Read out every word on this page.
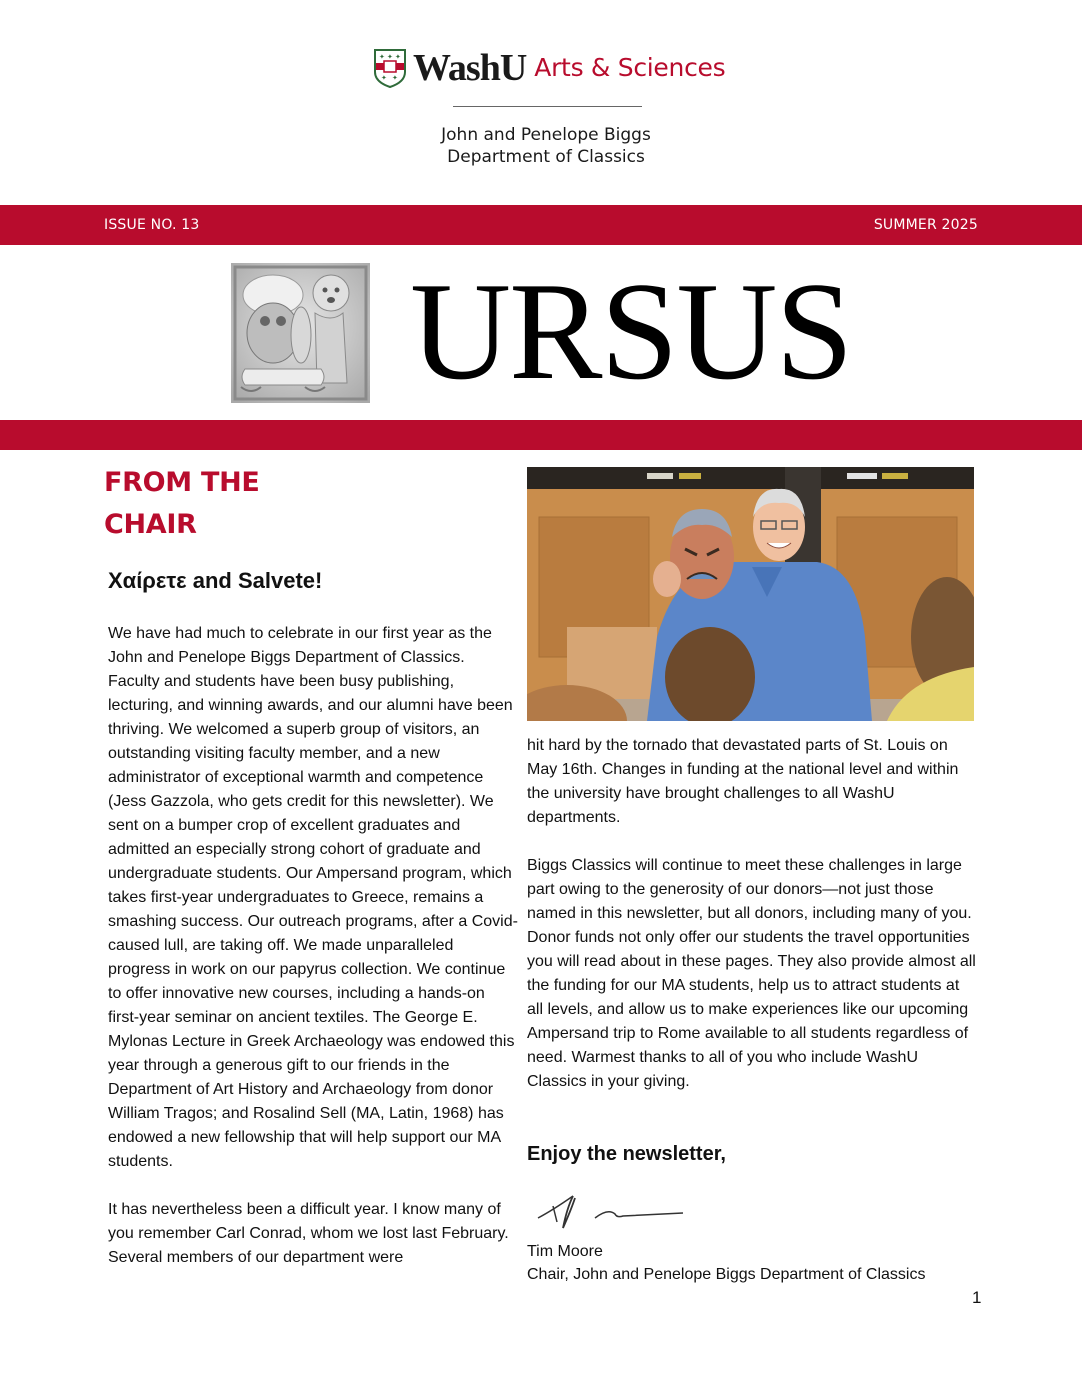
✦ ✦ ✦
✦ ✦ WashU Arts & Sciences
John and Penelope Biggs
Department of Classics
ISSUE NO. 13	SUMMER 2025
URSUS
FROM THE
CHAIR
Χαίρετε and Salvete!

We have had much to celebrate in our first year as the John and Penelope Biggs Department of Classics. Faculty and students have been busy publishing, lecturing, and winning awards, and our alumni have been thriving. We welcomed a superb group of visitors, an outstanding visiting faculty member, and a new administrator of exceptional warmth and competence (Jess Gazzola, who gets credit for this newsletter). We sent on a bumper crop of excellent graduates and admitted an especially strong cohort of graduate and undergraduate students. Our Ampersand program, which takes first-year undergraduates to Greece, remains a smashing success. Our outreach programs, after a Covid-caused lull, are taking off. We made unparalleled progress in work on our papyrus collection. We continue to offer innovative new courses, including a hands-on first-year seminar on ancient textiles. The George E. Mylonas Lecture in Greek Archaeology was endowed this year through a generous gift to our friends in the Department of Art History and Archaeology from donor William Tragos; and Rosalind Sell (MA, Latin, 1968) has endowed a new fellowship that will help support our MA students.

It has nevertheless been a difficult year. I know many of you remember Carl Conrad, whom we lost last February. Several members of our department were

hit hard by the tornado that devastated parts of St. Louis on May 16th. Changes in funding at the national level and within the university have brought challenges to all WashU departments.

Biggs Classics will continue to meet these challenges in large part owing to the generosity of our donors—not just those named in this newsletter, but all donors, including many of you. Donor funds not only offer our students the travel opportunities you will read about in these pages. They also provide almost all the funding for our MA students, help us to attract students at all levels, and allow us to make experiences like our upcoming Ampersand trip to Rome available to all students regardless of need. Warmest thanks to all of you who include WashU Classics in your giving.

Enjoy the newsletter,
Tim Moore
Chair, John and Penelope Biggs Department of Classics
1
